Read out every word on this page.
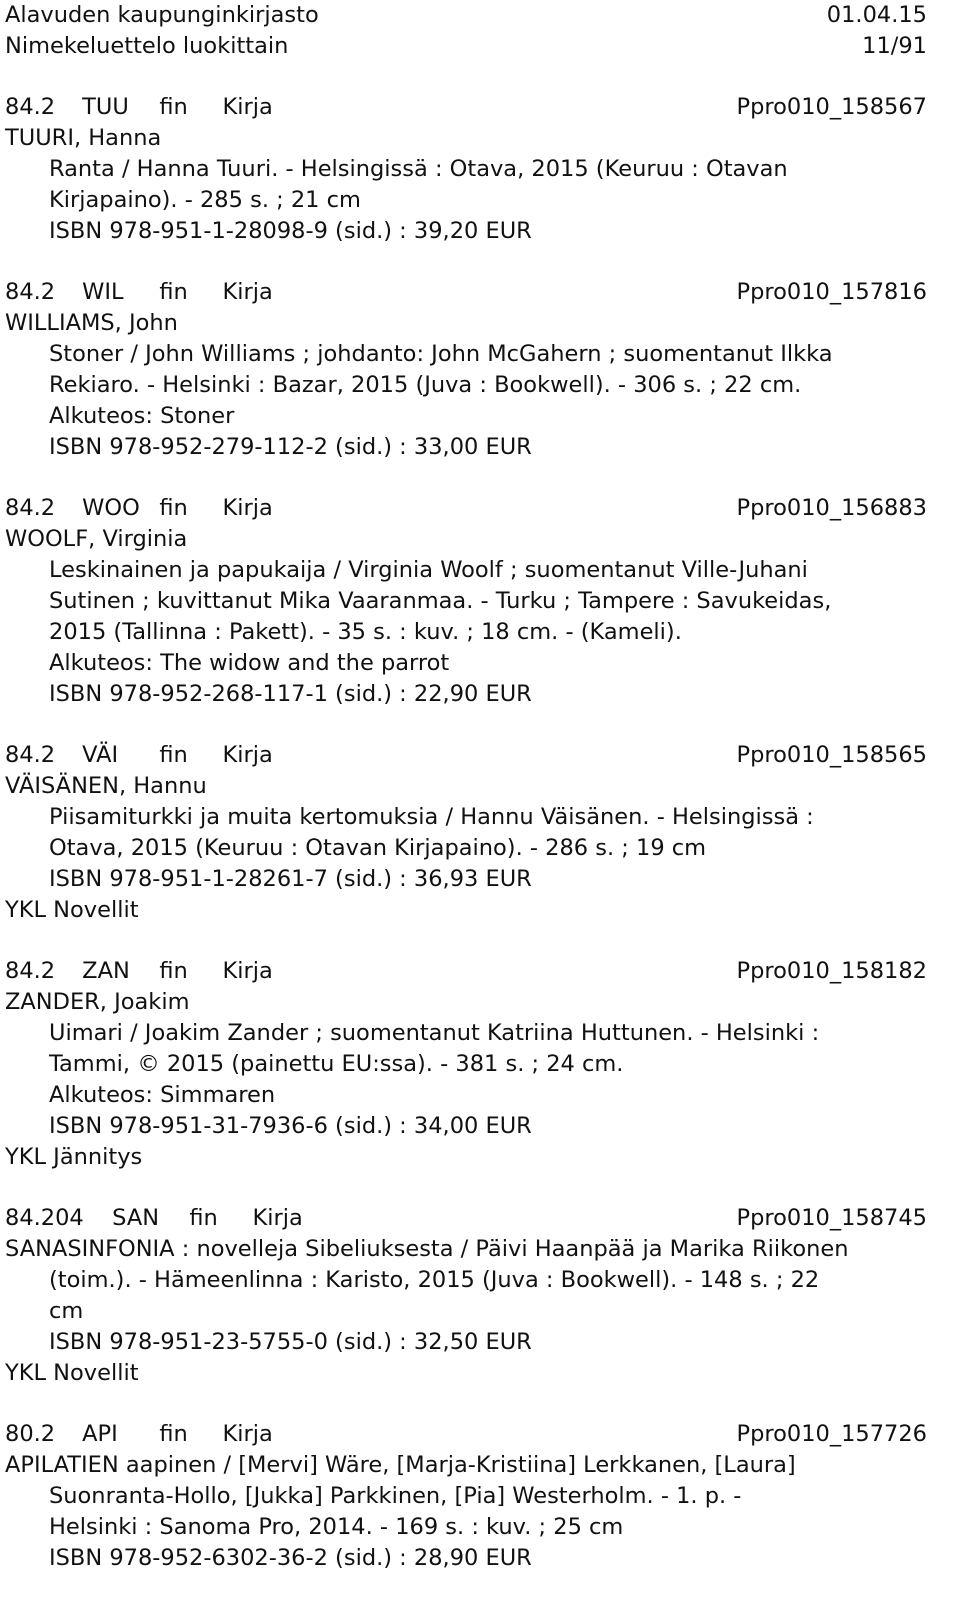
Alavuden kaupunginkirjasto	01.04.15
Nimekeluettelo luokittain	11/91
84.2 TUU fin Kirja	Ppro010_158567
TUURI, Hanna
Ranta / Hanna Tuuri. - Helsingissä : Otava, 2015 (Keuruu : Otavan
Kirjapaino). - 285 s. ; 21 cm
ISBN 978-951-1-28098-9 (sid.) : 39,20 EUR
84.2 WIL fin Kirja	Ppro010_157816
WILLIAMS, John
Stoner / John Williams ; johdanto: John McGahern ; suomentanut Ilkka
Rekiaro. - Helsinki : Bazar, 2015 (Juva : Bookwell). - 306 s. ; 22 cm.
Alkuteos: Stoner
ISBN 978-952-279-112-2 (sid.) : 33,00 EUR
84.2 WOO fin Kirja	Ppro010_156883
WOOLF, Virginia
Leskinainen ja papukaija / Virginia Woolf ; suomentanut Ville-Juhani
Sutinen ; kuvittanut Mika Vaaranmaa. - Turku ; Tampere : Savukeidas,
2015 (Tallinna : Pakett). - 35 s. : kuv. ; 18 cm. - (Kameli).
Alkuteos: The widow and the parrot
ISBN 978-952-268-117-1 (sid.) : 22,90 EUR
84.2 VÄI fin Kirja	Ppro010_158565
VÄISÄNEN, Hannu
Piisamiturkki ja muita kertomuksia / Hannu Väisänen. - Helsingissä :
Otava, 2015 (Keuruu : Otavan Kirjapaino). - 286 s. ; 19 cm
ISBN 978-951-1-28261-7 (sid.) : 36,93 EUR
YKL Novellit
84.2 ZAN fin Kirja	Ppro010_158182
ZANDER, Joakim
Uimari / Joakim Zander ; suomentanut Katriina Huttunen. - Helsinki :
Tammi, © 2015 (painettu EU:ssa). - 381 s. ; 24 cm.
Alkuteos: Simmaren
ISBN 978-951-31-7936-6 (sid.) : 34,00 EUR
YKL Jännitys
84.204 SAN fin Kirja	Ppro010_158745
SANASINFONIA : novelleja Sibeliuksesta / Päivi Haanpää ja Marika Riikonen
(toim.). - Hämeenlinna : Karisto, 2015 (Juva : Bookwell). - 148 s. ; 22
cm
ISBN 978-951-23-5755-0 (sid.) : 32,50 EUR
YKL Novellit
80.2 API fin Kirja	Ppro010_157726
APILATIEN aapinen / [Mervi] Wäre, [Marja-Kristiina] Lerkkanen, [Laura]
Suonranta-Hollo, [Jukka] Parkkinen, [Pia] Westerholm. - 1. p. -
Helsinki : Sanoma Pro, 2014. - 169 s. : kuv. ; 25 cm
ISBN 978-952-6302-36-2 (sid.) : 28,90 EUR
